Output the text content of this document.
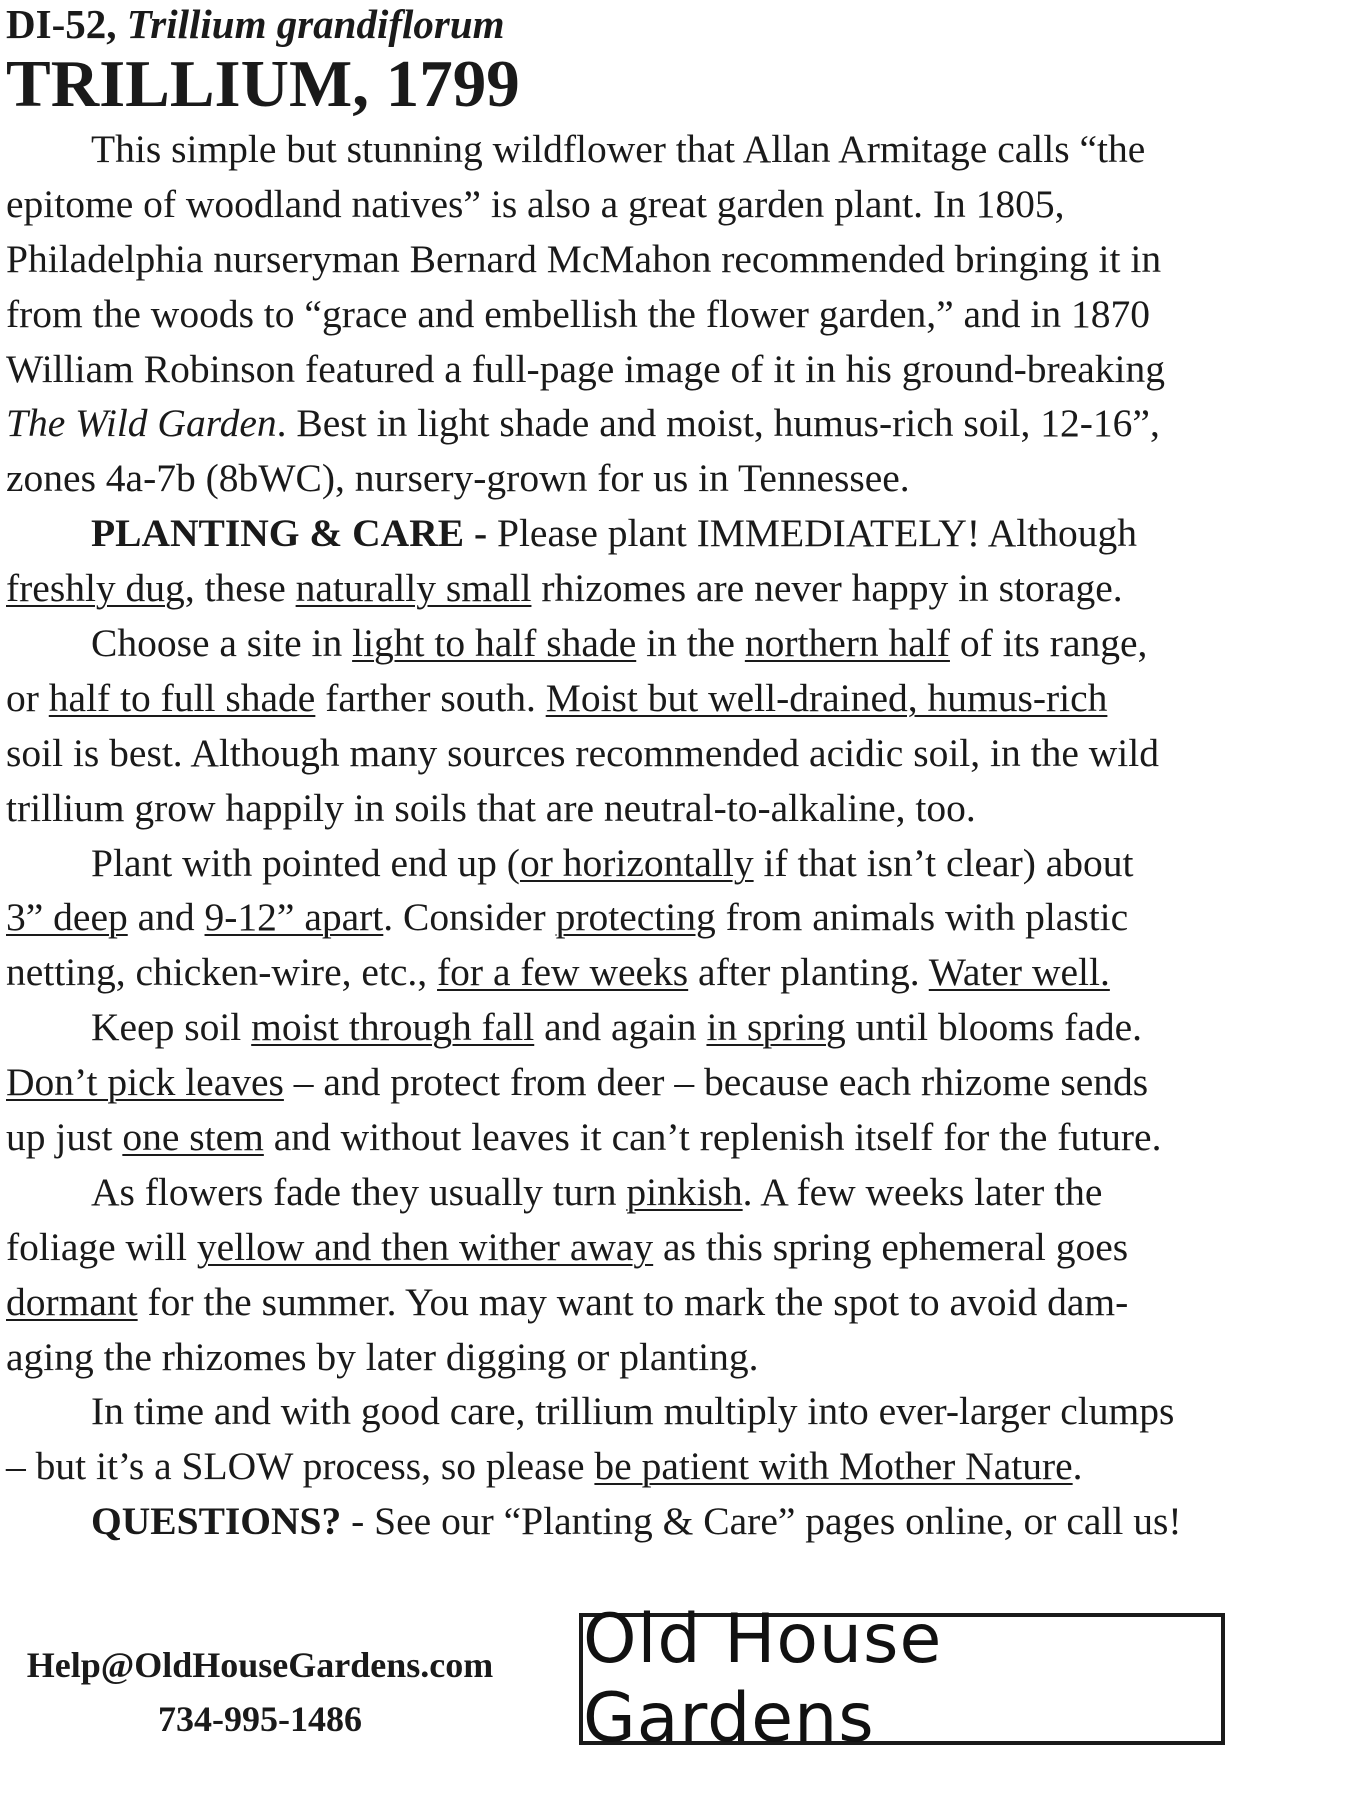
DI-52, Trillium grandiflorum

TRILLIUM, 1799
This simple but stunning wildflower that Allan Armitage calls “the
epitome of woodland natives” is also a great garden plant. In 1805,
Philadelphia nurseryman Bernard McMahon recommended bringing it in
from the woods to “grace and embellish the flower garden,” and in 1870
William Robinson featured a full-page image of it in his ground-breaking
The Wild Garden. Best in light shade and moist, humus-rich soil, 12-16”,
zones 4a-7b (8bWC), nursery-grown for us in Tennessee.
PLANTING & CARE - Please plant IMMEDIATELY! Although
freshly dug, these naturally small rhizomes are never happy in storage.
Choose a site in light to half shade in the northern half of its range,
or half to full shade farther south. Moist but well-drained, humus-rich
soil is best. Although many sources recommended acidic soil, in the wild
trillium grow happily in soils that are neutral-to-alkaline, too.
Plant with pointed end up (or horizontally if that isn’t clear) about
3” deep and 9-12” apart. Consider protecting from animals with plastic
netting, chicken-wire, etc., for a few weeks after planting. Water well.
Keep soil moist through fall and again in spring until blooms fade.
Don’t pick leaves – and protect from deer – because each rhizome sends
up just one stem and without leaves it can’t replenish itself for the future.
As flowers fade they usually turn pinkish. A few weeks later the
foliage will yellow and then wither away as this spring ephemeral goes
dormant for the summer. You may want to mark the spot to avoid dam-
aging the rhizomes by later digging or planting.
In time and with good care, trillium multiply into ever-larger clumps
– but it’s a SLOW process, so please be patient with Mother Nature.
QUESTIONS? - See our “Planting & Care” pages online, or call us!
Help@OldHouseGardens.com
734-995-1486
Old House Gardens
